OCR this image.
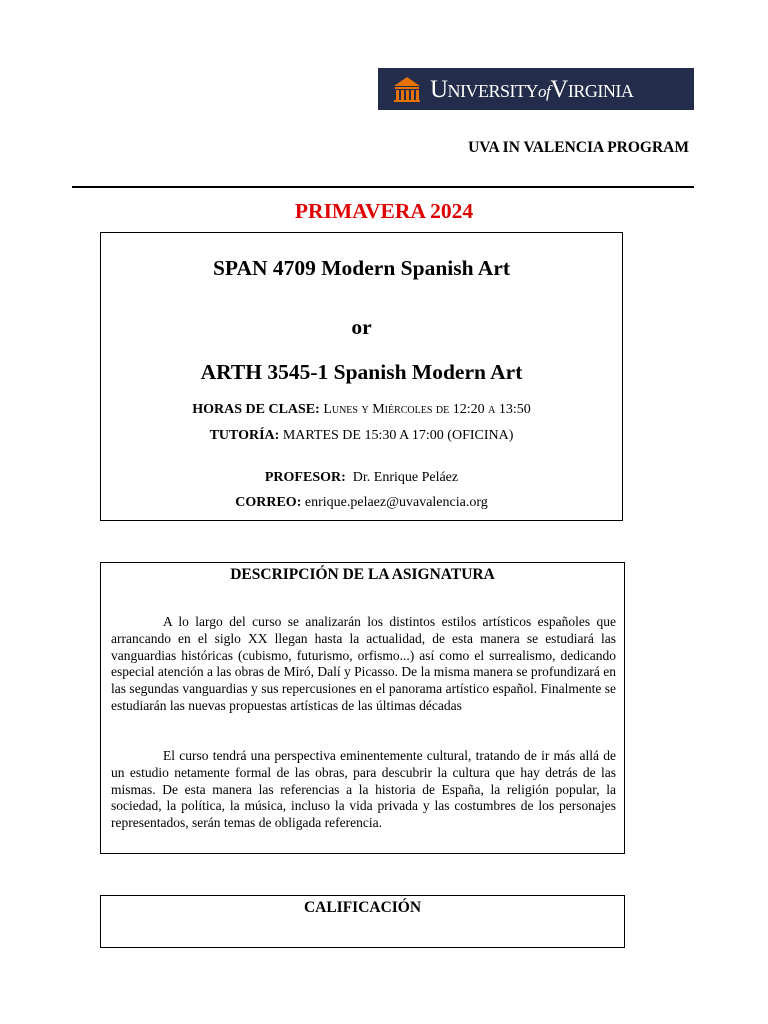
UniversityofVirginia
UVA IN VALENCIA PROGRAM
PRIMAVERA 2024
SPAN 4709 Modern Spanish Art
or
ARTH 3545-1 Spanish Modern Art
HORAS DE CLASE: Lunes y Miércoles de 12:20 a 13:50
TUTORÍA: MARTES DE 15:30 A 17:00 (OFICINA)
PROFESOR: Dr. Enrique Peláez
CORREO: enrique.pelaez@uvavalencia.org
DESCRIPCIÓN DE LA ASIGNATURA

A lo largo del curso se analizarán los distintos estilos artísticos españoles que arrancando en el siglo XX llegan hasta la actualidad, de esta manera se estudiará las vanguardias históricas (cubismo, futurismo, orfismo...) así como el surrealismo, dedicando especial atención a las obras de Miró, Dalí y Picasso. De la misma manera se profundizará en las segundas vanguardias y sus repercusiones en el panorama artístico español. Finalmente se estudiarán las nuevas propuestas artísticas de las últimas décadas

El curso tendrá una perspectiva eminentemente cultural, tratando de ir más allá de un estudio netamente formal de las obras, para descubrir la cultura que hay detrás de las mismas. De esta manera las referencias a la historia de España, la religión popular, la sociedad, la política, la música, incluso la vida privada y las costumbres de los personajes representados, serán temas de obligada referencia.

CALIFICACIÓN
